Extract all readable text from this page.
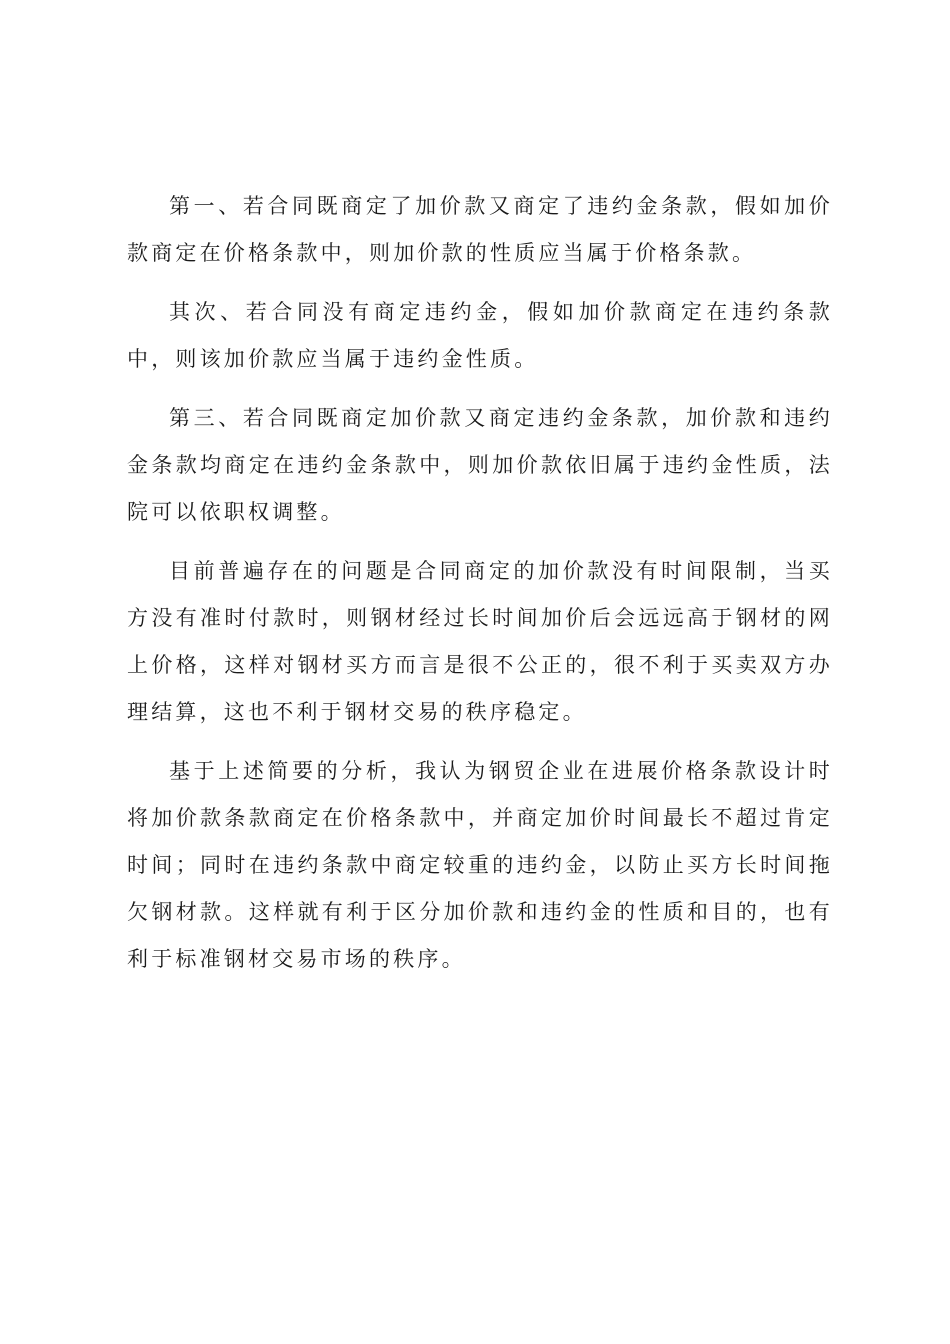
第一、若合同既商定了加价款又商定了违约金条款，假如加价款商定在价格条款中，则加价款的性质应当属于价格条款。

其次、若合同没有商定违约金，假如加价款商定在违约条款中，则该加价款应当属于违约金性质。

第三、若合同既商定加价款又商定违约金条款，加价款和违约金条款均商定在违约金条款中，则加价款依旧属于违约金性质，法院可以依职权调整。

目前普遍存在的问题是合同商定的加价款没有时间限制，当买方没有准时付款时，则钢材经过长时间加价后会远远高于钢材的网上价格，这样对钢材买方而言是很不公正的，很不利于买卖双方办理结算，这也不利于钢材交易的秩序稳定。

基于上述简要的分析，我认为钢贸企业在进展价格条款设计时将加价款条款商定在价格条款中，并商定加价时间最长不超过肯定时间；同时在违约条款中商定较重的违约金，以防止买方长时间拖欠钢材款。这样就有利于区分加价款和违约金的性质和目的，也有利于标准钢材交易市场的秩序。
